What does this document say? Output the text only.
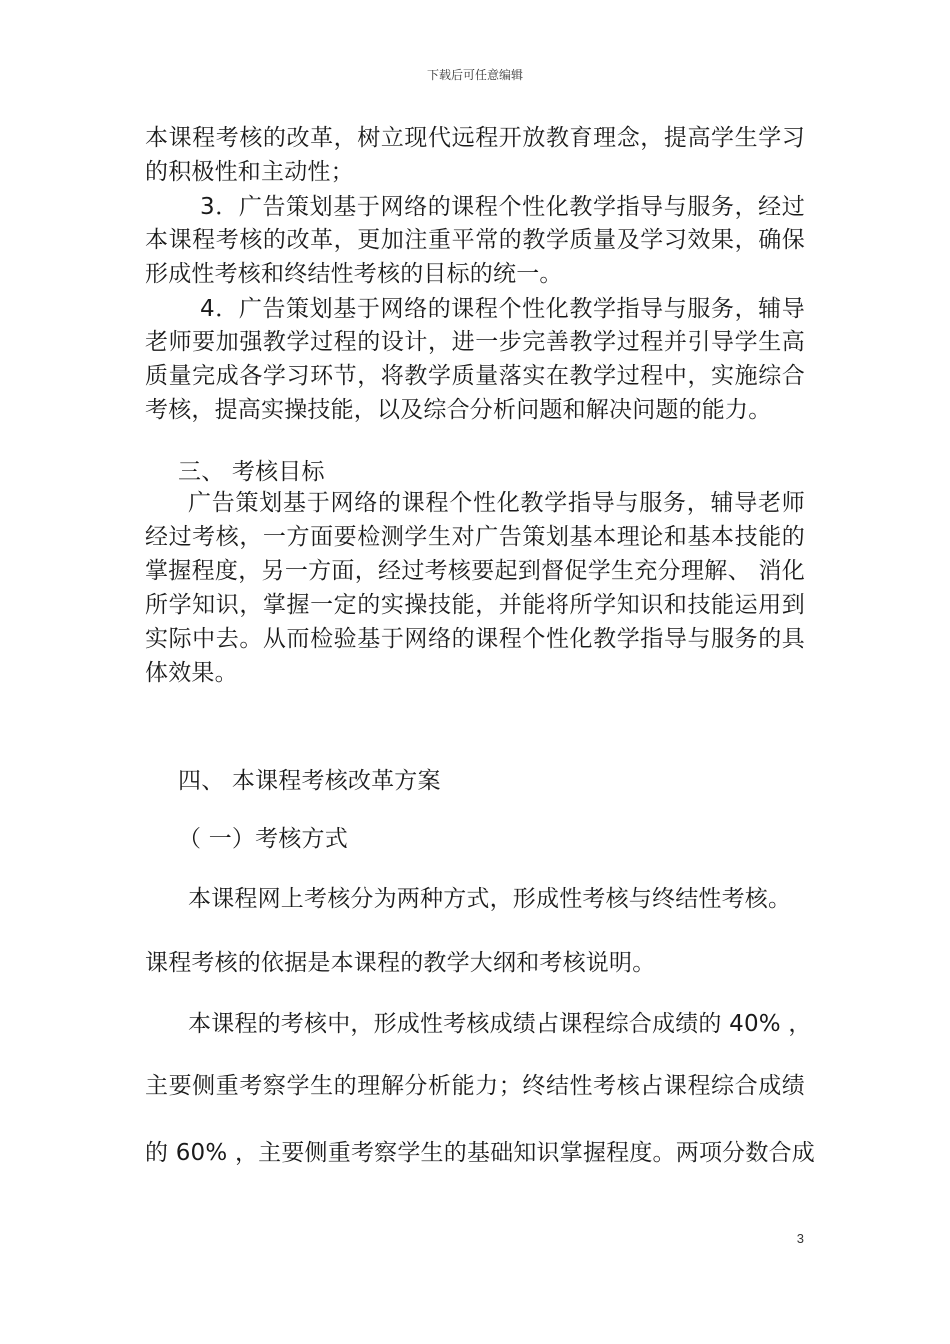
下载后可任意编辑
本课程考核的改革，树立现代远程开放教育理念，提高学生学习
的积极性和主动性；
3．广告策划基于网络的课程个性化教学指导与服务，经过
本课程考核的改革，更加注重平常的教学质量及学习效果，确保
形成性考核和终结性考核的目标的统一。
4．广告策划基于网络的课程个性化教学指导与服务，辅导
老师要加强教学过程的设计，进一步完善教学过程并引导学生高
质量完成各学习环节，将教学质量落实在教学过程中，实施综合
考核，提高实操技能，以及综合分析问题和解决问题的能力。
三、 考核目标
广告策划基于网络的课程个性化教学指导与服务，辅导老师
经过考核，一方面要检测学生对广告策划基本理论和基本技能的
掌握程度，另一方面，经过考核要起到督促学生充分理解、 消化
所学知识，掌握一定的实操技能，并能将所学知识和技能运用到
实际中去。从而检验基于网络的课程个性化教学指导与服务的具
体效果。
四、 本课程考核改革方案
（ 一）考核方式
本课程网上考核分为两种方式，形成性考核与终结性考核。
课程考核的依据是本课程的教学大纲和考核说明。
本课程的考核中，形成性考核成绩占课程综合成绩的 40% ，
主要侧重考察学生的理解分析能力；终结性考核占课程综合成绩
的 60% ，主要侧重考察学生的基础知识掌握程度。两项分数合成
3
